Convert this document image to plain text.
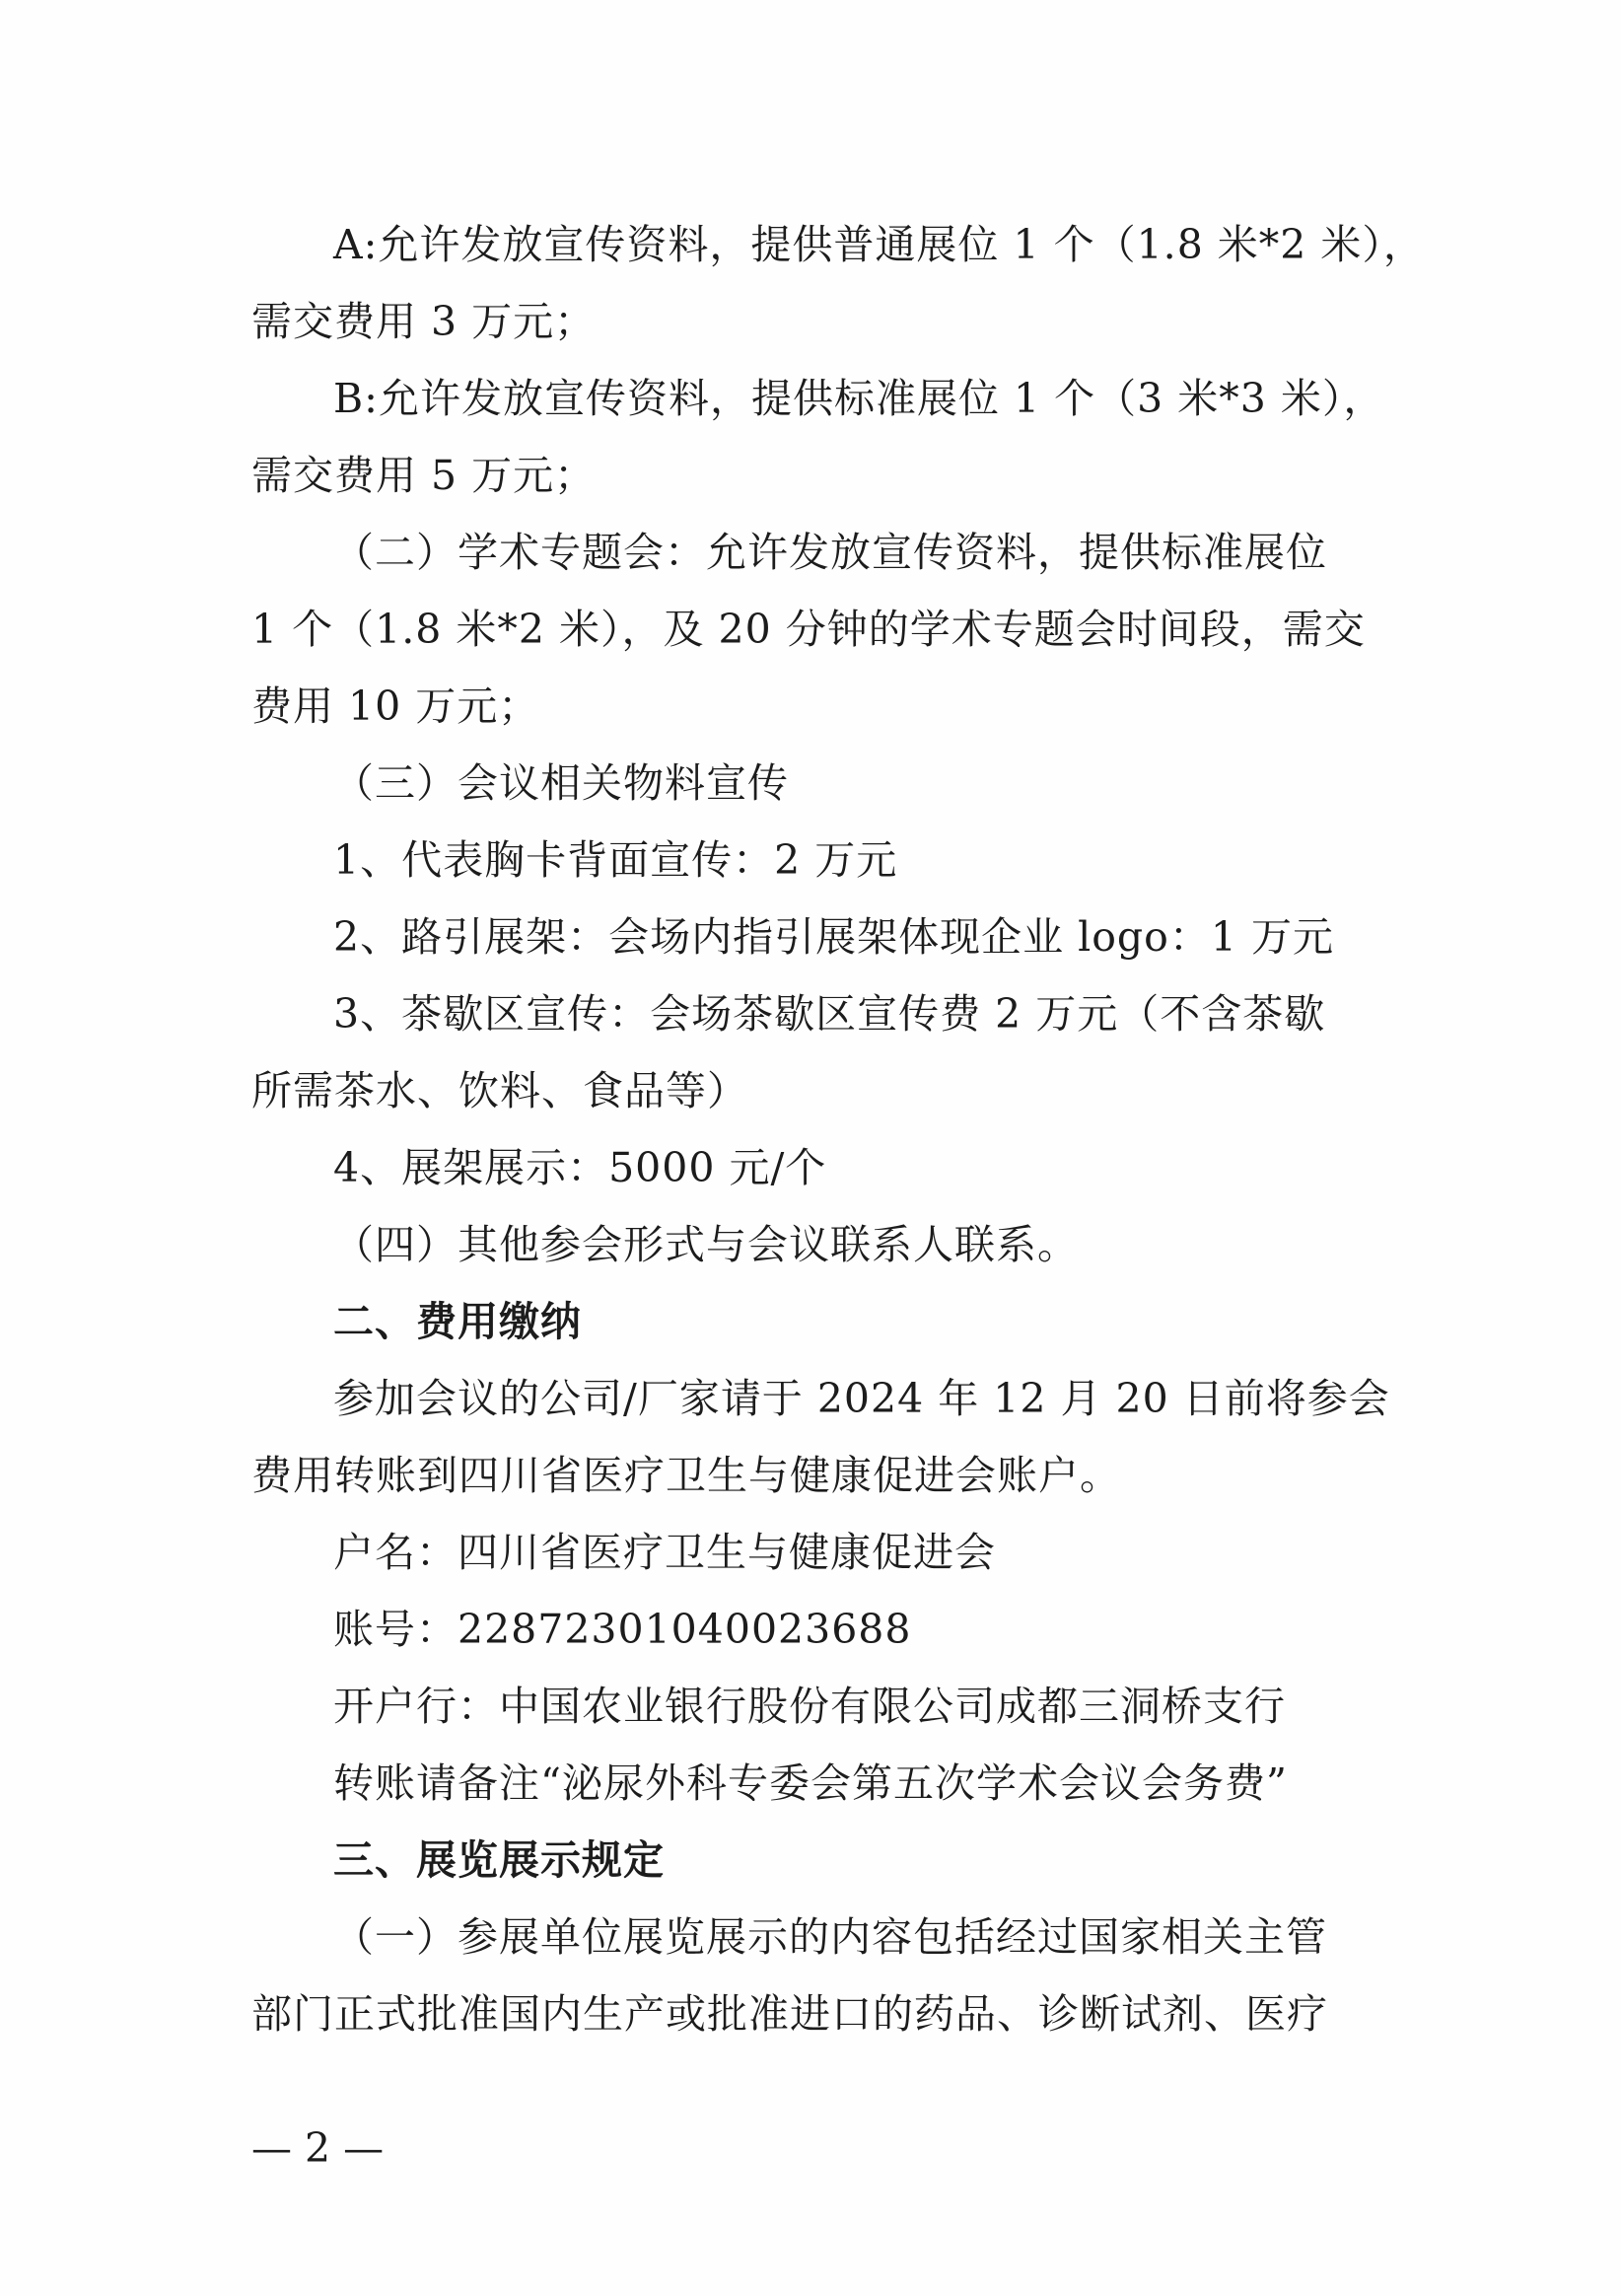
A:允许发放宣传资料，提供普通展位 1 个（1.8 米*2 米），
需交费用 3 万元；
B:允许发放宣传资料，提供标准展位 1 个（3 米*3 米），
需交费用 5 万元；
（二）学术专题会：允许发放宣传资料，提供标准展位
1 个（1.8 米*2 米），及 20 分钟的学术专题会时间段，需交
费用 10 万元；
（三）会议相关物料宣传
1、代表胸卡背面宣传：2 万元
2、路引展架：会场内指引展架体现企业 logo：1 万元
3、茶歇区宣传：会场茶歇区宣传费 2 万元（不含茶歇
所需茶水、饮料、食品等）
4、展架展示：5000 元/个
（四）其他参会形式与会议联系人联系。
二、费用缴纳
参加会议的公司/厂家请于 2024 年 12 月 20 日前将参会
费用转账到四川省医疗卫生与健康促进会账户。
户名：四川省医疗卫生与健康促进会
账号：22872301040023688
开户行：中国农业银行股份有限公司成都三洞桥支行
转账请备注“泌尿外科专委会第五次学术会议会务费”
三、展览展示规定
（一）参展单位展览展示的内容包括经过国家相关主管
部门正式批准国内生产或批准进口的药品、诊断试剂、医疗
— 2 —
